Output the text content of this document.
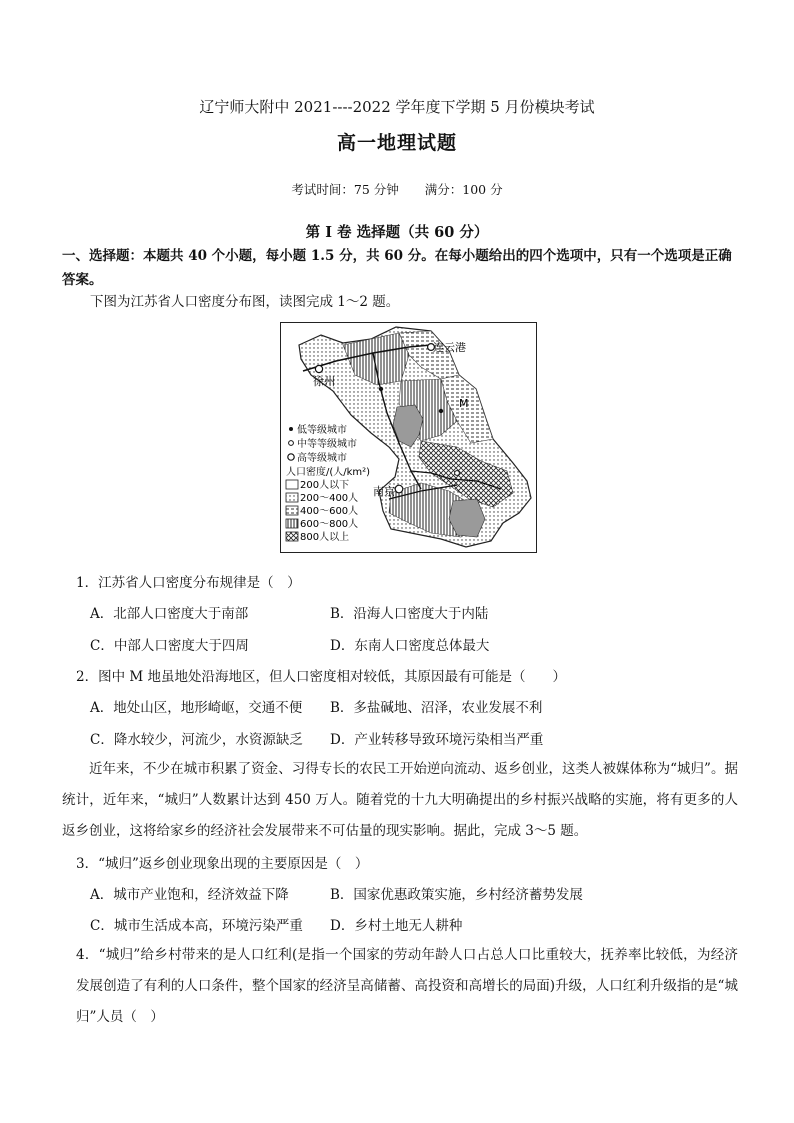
辽宁师大附中 2021----2022 学年度下学期 5 月份模块考试
高一地理试题
考试时间：75 分钟 满分：100 分
第 Ⅰ 卷 选择题（共 60 分）
一、选择题：本题共 40 个小题，每小题 1.5 分，共 60 分。在每小题给出的四个选项中，只有一个选项是正确答案。
下图为江苏省人口密度分布图，读图完成 1～2 题。
连云港
徐州
M
南京
低等级城市
中等等级城市
高等级城市
人口密度/(人/km²)
200人以下
200～400人
400～600人
600～800人
800人以上
1．江苏省人口密度分布规律是（　）
A．北部人口密度大于南部	B．沿海人口密度大于内陆
C．中部人口密度大于四周	D．东南人口密度总体最大
2．图中 M 地虽地处沿海地区，但人口密度相对较低，其原因最有可能是（　　）
A．地处山区，地形崎岖，交通不便 B．多盐碱地、沼泽，农业发展不利
C．降水较少，河流少，水资源缺乏 D．产业转移导致环境污染相当严重
近年来，不少在城市积累了资金、习得专长的农民工开始逆向流动、返乡创业，这类人被媒体称为“城归”。据统计，近年来，“城归”人数累计达到 450 万人。随着党的十九大明确提出的乡村振兴战略的实施，将有更多的人返乡创业，这将给家乡的经济社会发展带来不可估量的现实影响。据此，完成 3～5 题。
3．“城归”返乡创业现象出现的主要原因是（　）
A．城市产业饱和，经济效益下降	B．国家优惠政策实施，乡村经济蓄势发展
C．城市生活成本高，环境污染严重 D．乡村土地无人耕种
4．“城归”给乡村带来的是人口红利(是指一个国家的劳动年龄人口占总人口比重较大，抚养率比较低，为经济发展创造了有利的人口条件，整个国家的经济呈高储蓄、高投资和高增长的局面)升级，人口红利升级指的是“城归”人员（　）
